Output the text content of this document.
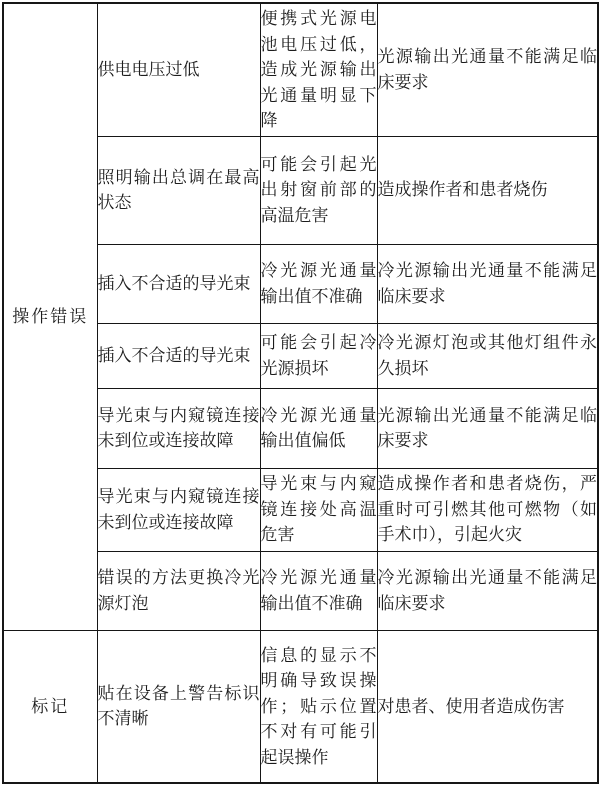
操作错误	供电电压过低	便携式光源电池电压过低，造成光源输出光通量明显下降	光源输出光通量不能满足临床要求
	照明输出总调在最高状态	可能会引起光出射窗前部的高温危害	造成操作者和患者烧伤
	插入不合适的导光束	冷光源光通量输出值不准确	冷光源输出光通量不能满足临床要求
	插入不合适的导光束	可能会引起冷光源损坏	冷光源灯泡或其他灯组件永久损坏
	导光束与内窥镜连接未到位或连接故障	冷光源光通量输出值偏低	光源输出光通量不能满足临床要求
	导光束与内窥镜连接未到位或连接故障	导光束与内窥镜连接处高温危害	造成操作者和患者烧伤，严重时可引燃其他可燃物（如手术巾），引起火灾
	错误的方法更换冷光源灯泡	冷光源光通量输出值不准确	冷光源输出光通量不能满足临床要求
标记	贴在设备上警告标识不清晰	信息的显示不明确导致误操作；贴示位置不对有可能引起误操作	对患者、使用者造成伤害
